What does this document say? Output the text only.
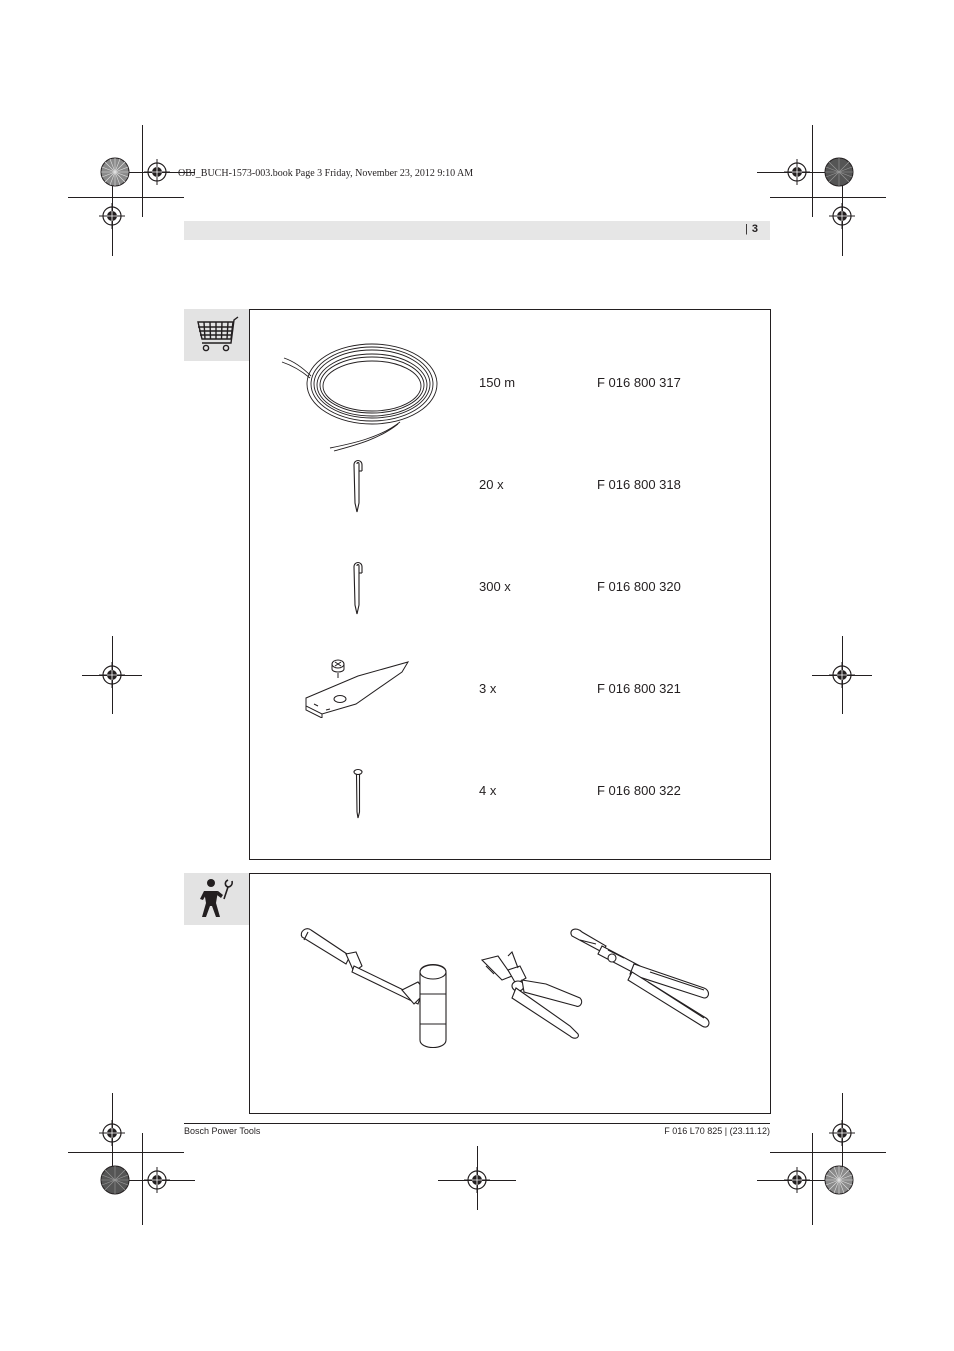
OBJ_BUCH-1573-003.book Page 3 Friday, November 23, 2012 9:10 AM
| 3
150 m	F 016 800 317
20 x	F 016 800 318
300 x	F 016 800 320
3 x	F 016 800 321
4 x	F 016 800 322
Bosch Power Tools	F 016 L70 825 | (23.11.12)
